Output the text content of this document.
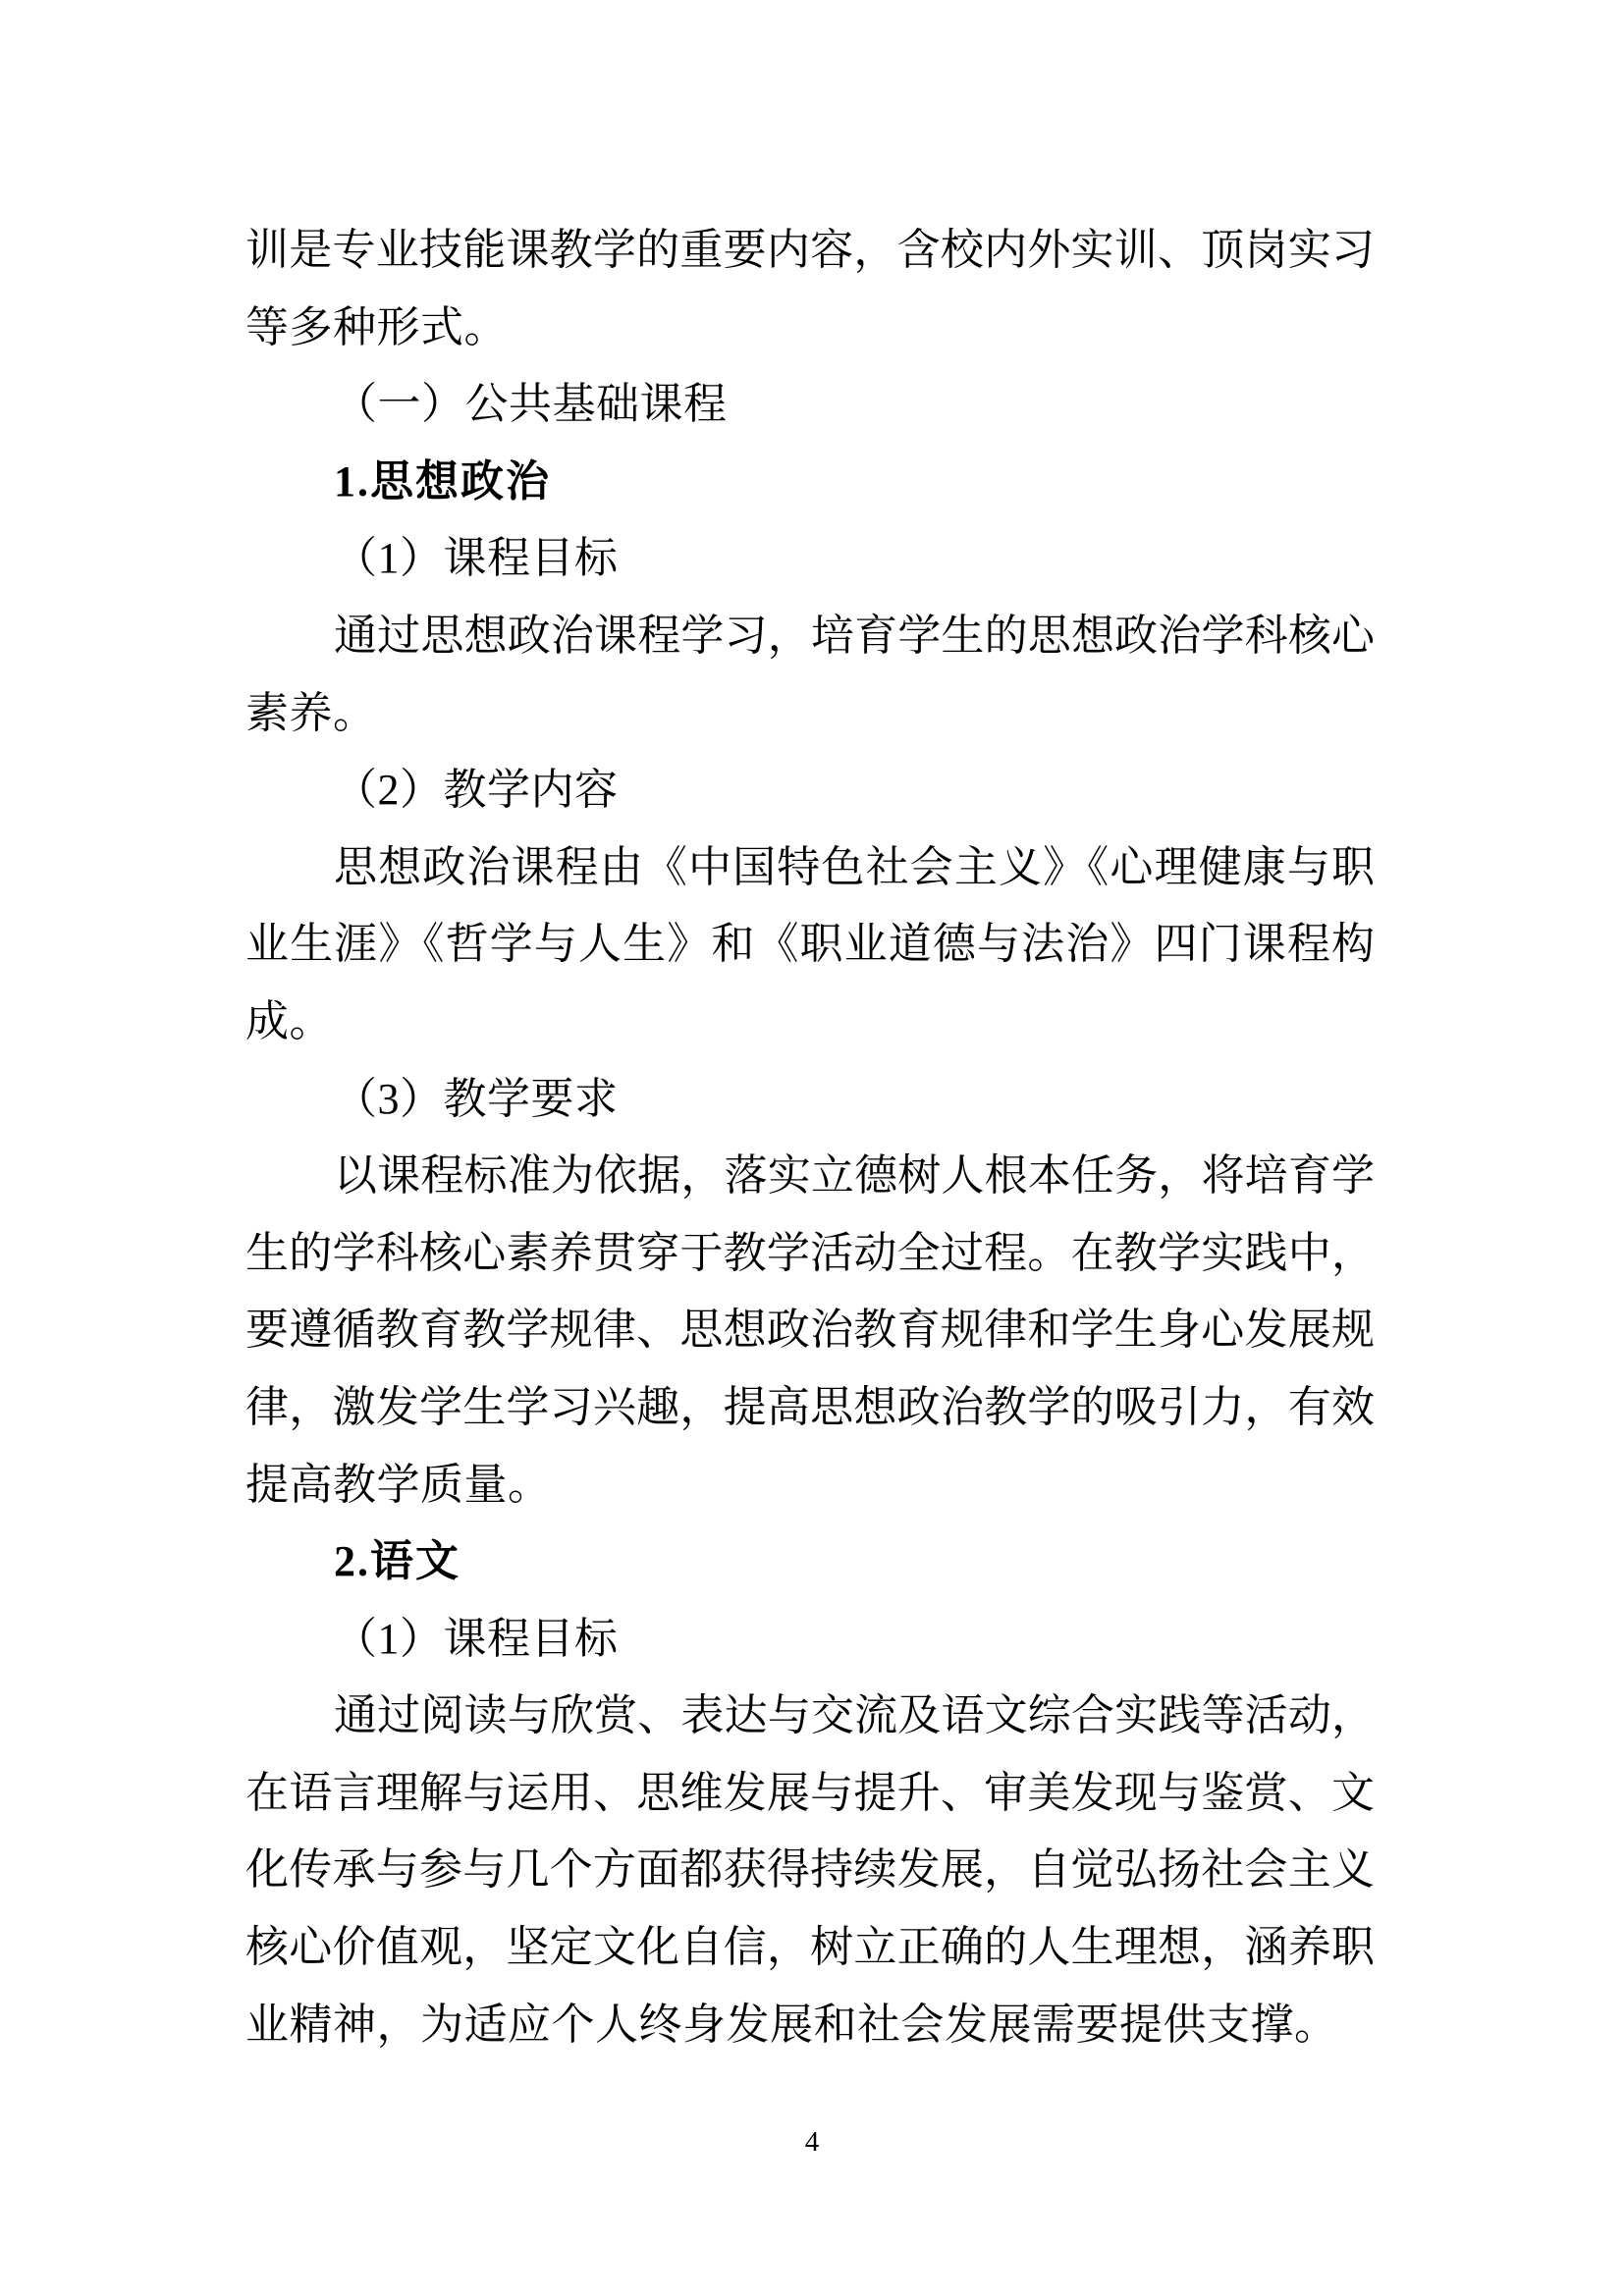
训是专业技能课教学的重要内容，含校内外实训、顶岗实习
等多种形式。
（一）公共基础课程
1.思想政治
（1）课程目标
通过思想政治课程学习，培育学生的思想政治学科核心
素养。
（2）教学内容
思想政治课程由《中国特色社会主义》《心理健康与职
业生涯》《哲学与人生》和《职业道德与法治》四门课程构
成。
（3）教学要求
以课程标准为依据，落实立德树人根本任务，将培育学
生的学科核心素养贯穿于教学活动全过程。在教学实践中，
要遵循教育教学规律、思想政治教育规律和学生身心发展规
律，激发学生学习兴趣，提高思想政治教学的吸引力，有效
提高教学质量。
2.语文
（1）课程目标
通过阅读与欣赏、表达与交流及语文综合实践等活动，
在语言理解与运用、思维发展与提升、审美发现与鉴赏、文
化传承与参与几个方面都获得持续发展，自觉弘扬社会主义
核心价值观，坚定文化自信，树立正确的人生理想，涵养职
业精神，为适应个人终身发展和社会发展需要提供支撑。
4
